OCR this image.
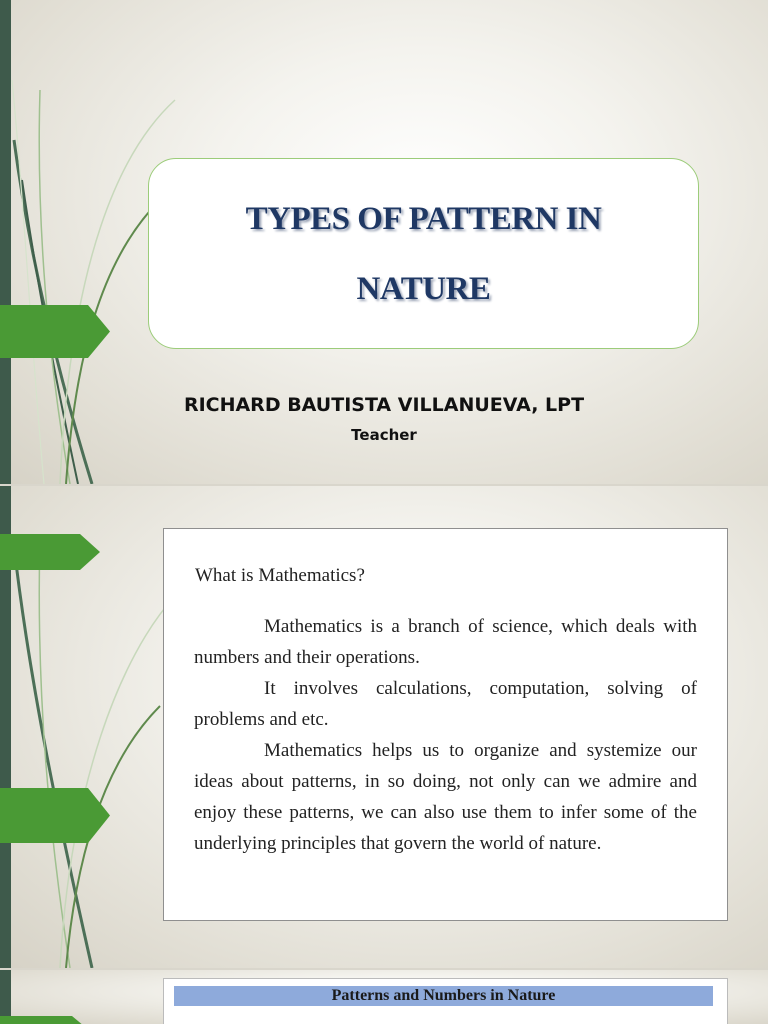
TYPES OF PATTERN IN
NATURE
RICHARD BAUTISTA VILLANUEVA, LPT
Teacher
What is Mathematics?

Mathematics is a branch of science, which deals with numbers and their operations.

It involves calculations, computation, solving of problems and etc.

Mathematics helps us to organize and systemize our ideas about patterns, in so doing, not only can we admire and enjoy these patterns, we can also use them to infer some of the underlying principles that govern the world of nature.

Patterns and Numbers in Nature
